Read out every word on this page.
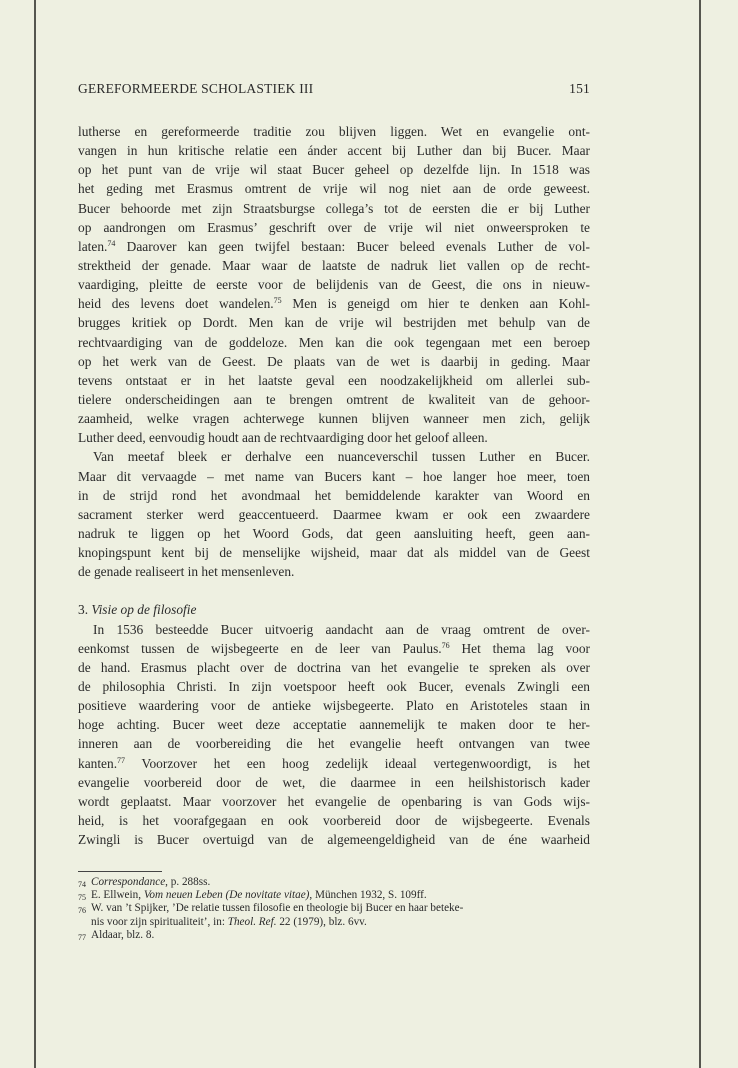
GEREFORMEERDE SCHOLASTIEK III	151
lutherse en gereformeerde traditie zou blijven liggen. Wet en evangelie ont-
vangen in hun kritische relatie een ánder accent bij Luther dan bij Bucer. Maar
op het punt van de vrije wil staat Bucer geheel op dezelfde lijn. In 1518 was
het geding met Erasmus omtrent de vrije wil nog niet aan de orde geweest.
Bucer behoorde met zijn Straatsburgse collega’s tot de eersten die er bij Luther
op aandrongen om Erasmus’ geschrift over de vrije wil niet onweersproken te
laten.$^{74}$ Daarover kan geen twijfel bestaan: Bucer beleed evenals Luther de vol-
strektheid der genade. Maar waar de laatste de nadruk liet vallen op de recht-
vaardiging, pleitte de eerste voor de belijdenis van de Geest, die ons in nieuw-
heid des levens doet wandelen.$^{75}$ Men is geneigd om hier te denken aan Kohl-
brugges kritiek op Dordt. Men kan de vrije wil bestrijden met behulp van de
rechtvaardiging van de goddeloze. Men kan die ook tegengaan met een beroep
op het werk van de Geest. De plaats van de wet is daarbij in geding. Maar
tevens ontstaat er in het laatste geval een noodzakelijkheid om allerlei sub-
tielere onderscheidingen aan te brengen omtrent de kwaliteit van de gehoor-
zaamheid, welke vragen achterwege kunnen blijven wanneer men zich, gelijk
Luther deed, eenvoudig houdt aan de rechtvaardiging door het geloof alleen.
Van meetaf bleek er derhalve een nuanceverschil tussen Luther en Bucer.
Maar dit vervaagde – met name van Bucers kant – hoe langer hoe meer, toen
in de strijd rond het avondmaal het bemiddelende karakter van Woord en
sacrament sterker werd geaccentueerd. Daarmee kwam er ook een zwaardere
nadruk te liggen op het Woord Gods, dat geen aansluiting heeft, geen aan-
knopingspunt kent bij de menselijke wijsheid, maar dat als middel van de Geest
de genade realiseert in het mensenleven.
3. Visie op de filosofie
In 1536 besteedde Bucer uitvoerig aandacht aan de vraag omtrent de over-
eenkomst tussen de wijsbegeerte en de leer van Paulus.$^{76}$ Het thema lag voor
de hand. Erasmus placht over de doctrina van het evangelie te spreken als over
de philosophia Christi. In zijn voetspoor heeft ook Bucer, evenals Zwingli een
positieve waardering voor de antieke wijsbegeerte. Plato en Aristoteles staan in
hoge achting. Bucer weet deze acceptatie aannemelijk te maken door te her-
inneren aan de voorbereiding die het evangelie heeft ontvangen van twee
kanten.$^{77}$ Voorzover het een hoog zedelijk ideaal vertegenwoordigt, is het
evangelie voorbereid door de wet, die daarmee in een heilshistorisch kader
wordt geplaatst. Maar voorzover het evangelie de openbaring is van Gods wijs-
heid, is het voorafgegaan en ook voorbereid door de wijsbegeerte. Evenals
Zwingli is Bucer overtuigd van de algemeengeldigheid van de éne waarheid
74 Correspondance, p. 288ss.
75 E. Ellwein, Vom neuen Leben (De novitate vitae), München 1932, S. 109ff.
76 W. van ’t Spijker, ’De relatie tussen filosofie en theologie bij Bucer en haar beteke-
nis voor zijn spiritualiteit’, in: Theol. Ref. 22 (1979), blz. 6vv.
77 Aldaar, blz. 8.
